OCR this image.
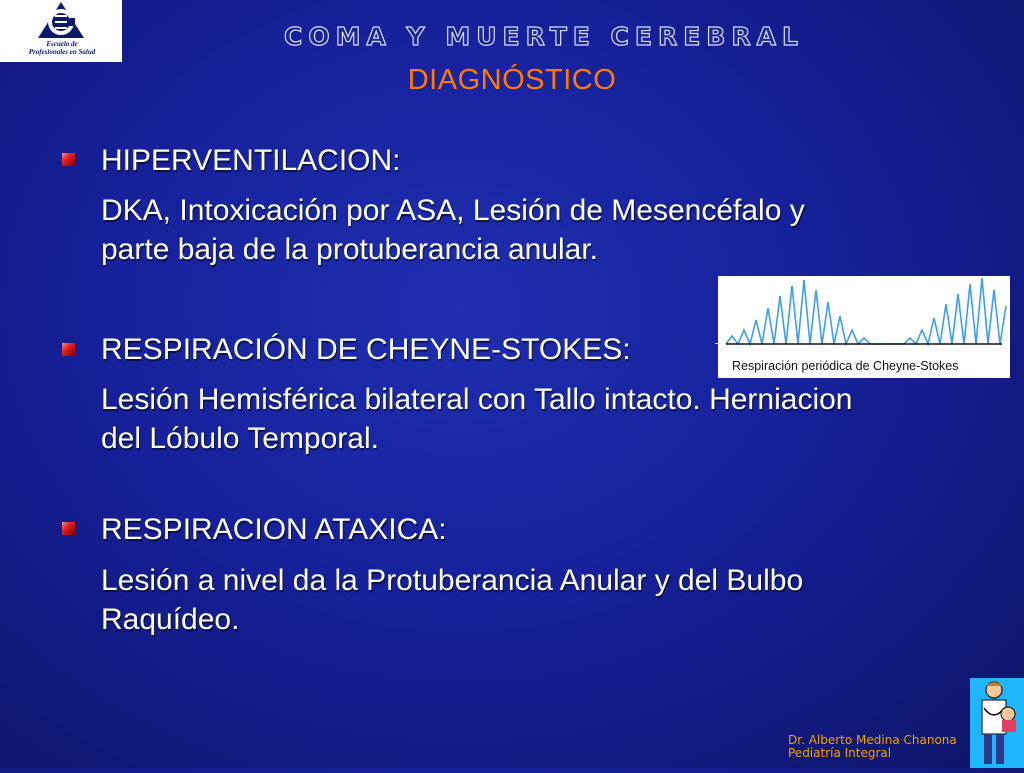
Escuela de
Profesionales en Salud
COMA Y MUERTE CEREBRAL
DIAGNÓSTICO
HIPERVENTILACION:
DKA, Intoxicación por ASA, Lesión de Mesencéfalo y
parte baja de la protuberancia anular.
RESPIRACIÓN DE CHEYNE-STOKES:
Lesión Hemisférica bilateral con Tallo intacto. Herniacion
del Lóbulo Temporal.
RESPIRACION ATAXICA:
Lesión a nivel da la Protuberancia Anular y del Bulbo
Raquídeo.
Respiración periódica de Cheyne-Stokes
Dr. Alberto Medina Chanona
Pediatría Integral
